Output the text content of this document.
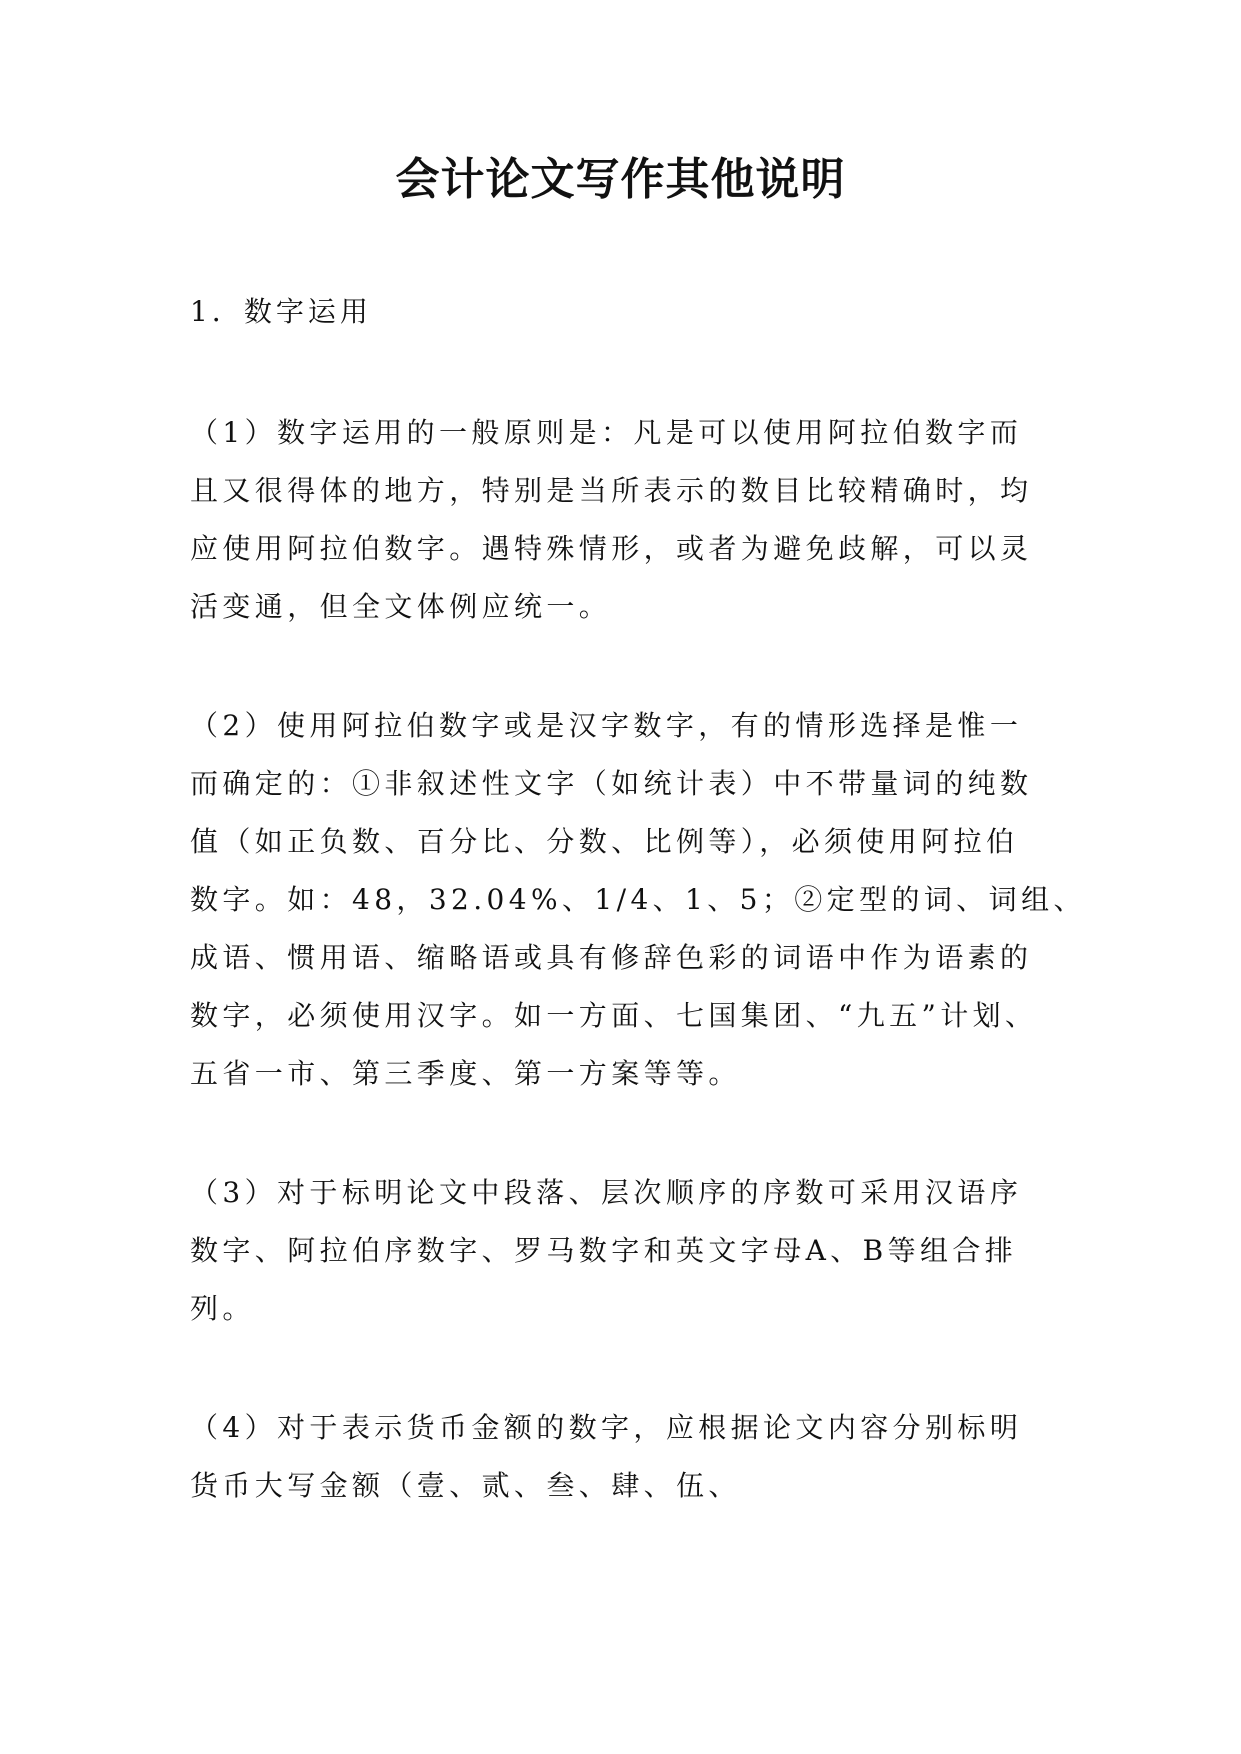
会计论文写作其他说明

1．数字运用

（1）数字运用的一般原则是：凡是可以使用阿拉伯数字而
且又很得体的地方，特别是当所表示的数目比较精确时，均
应使用阿拉伯数字。遇特殊情形，或者为避免歧解，可以灵
活变通，但全文体例应统一。
（2）使用阿拉伯数字或是汉字数字，有的情形选择是惟一
而确定的：①非叙述性文字（如统计表）中不带量词的纯数
值（如正负数、百分比、分数、比例等），必须使用阿拉伯
数字。如：48，32.04%、1/4、1、5；②定型的词、词组、
成语、惯用语、缩略语或具有修辞色彩的词语中作为语素的
数字，必须使用汉字。如一方面、七国集团、“九五”计划、
五省一市、第三季度、第一方案等等。
（3）对于标明论文中段落、层次顺序的序数可采用汉语序
数字、阿拉伯序数字、罗马数字和英文字母A、B等组合排
列。
（4）对于表示货币金额的数字，应根据论文内容分别标明
货币大写金额（壹、贰、叁、肆、伍、
